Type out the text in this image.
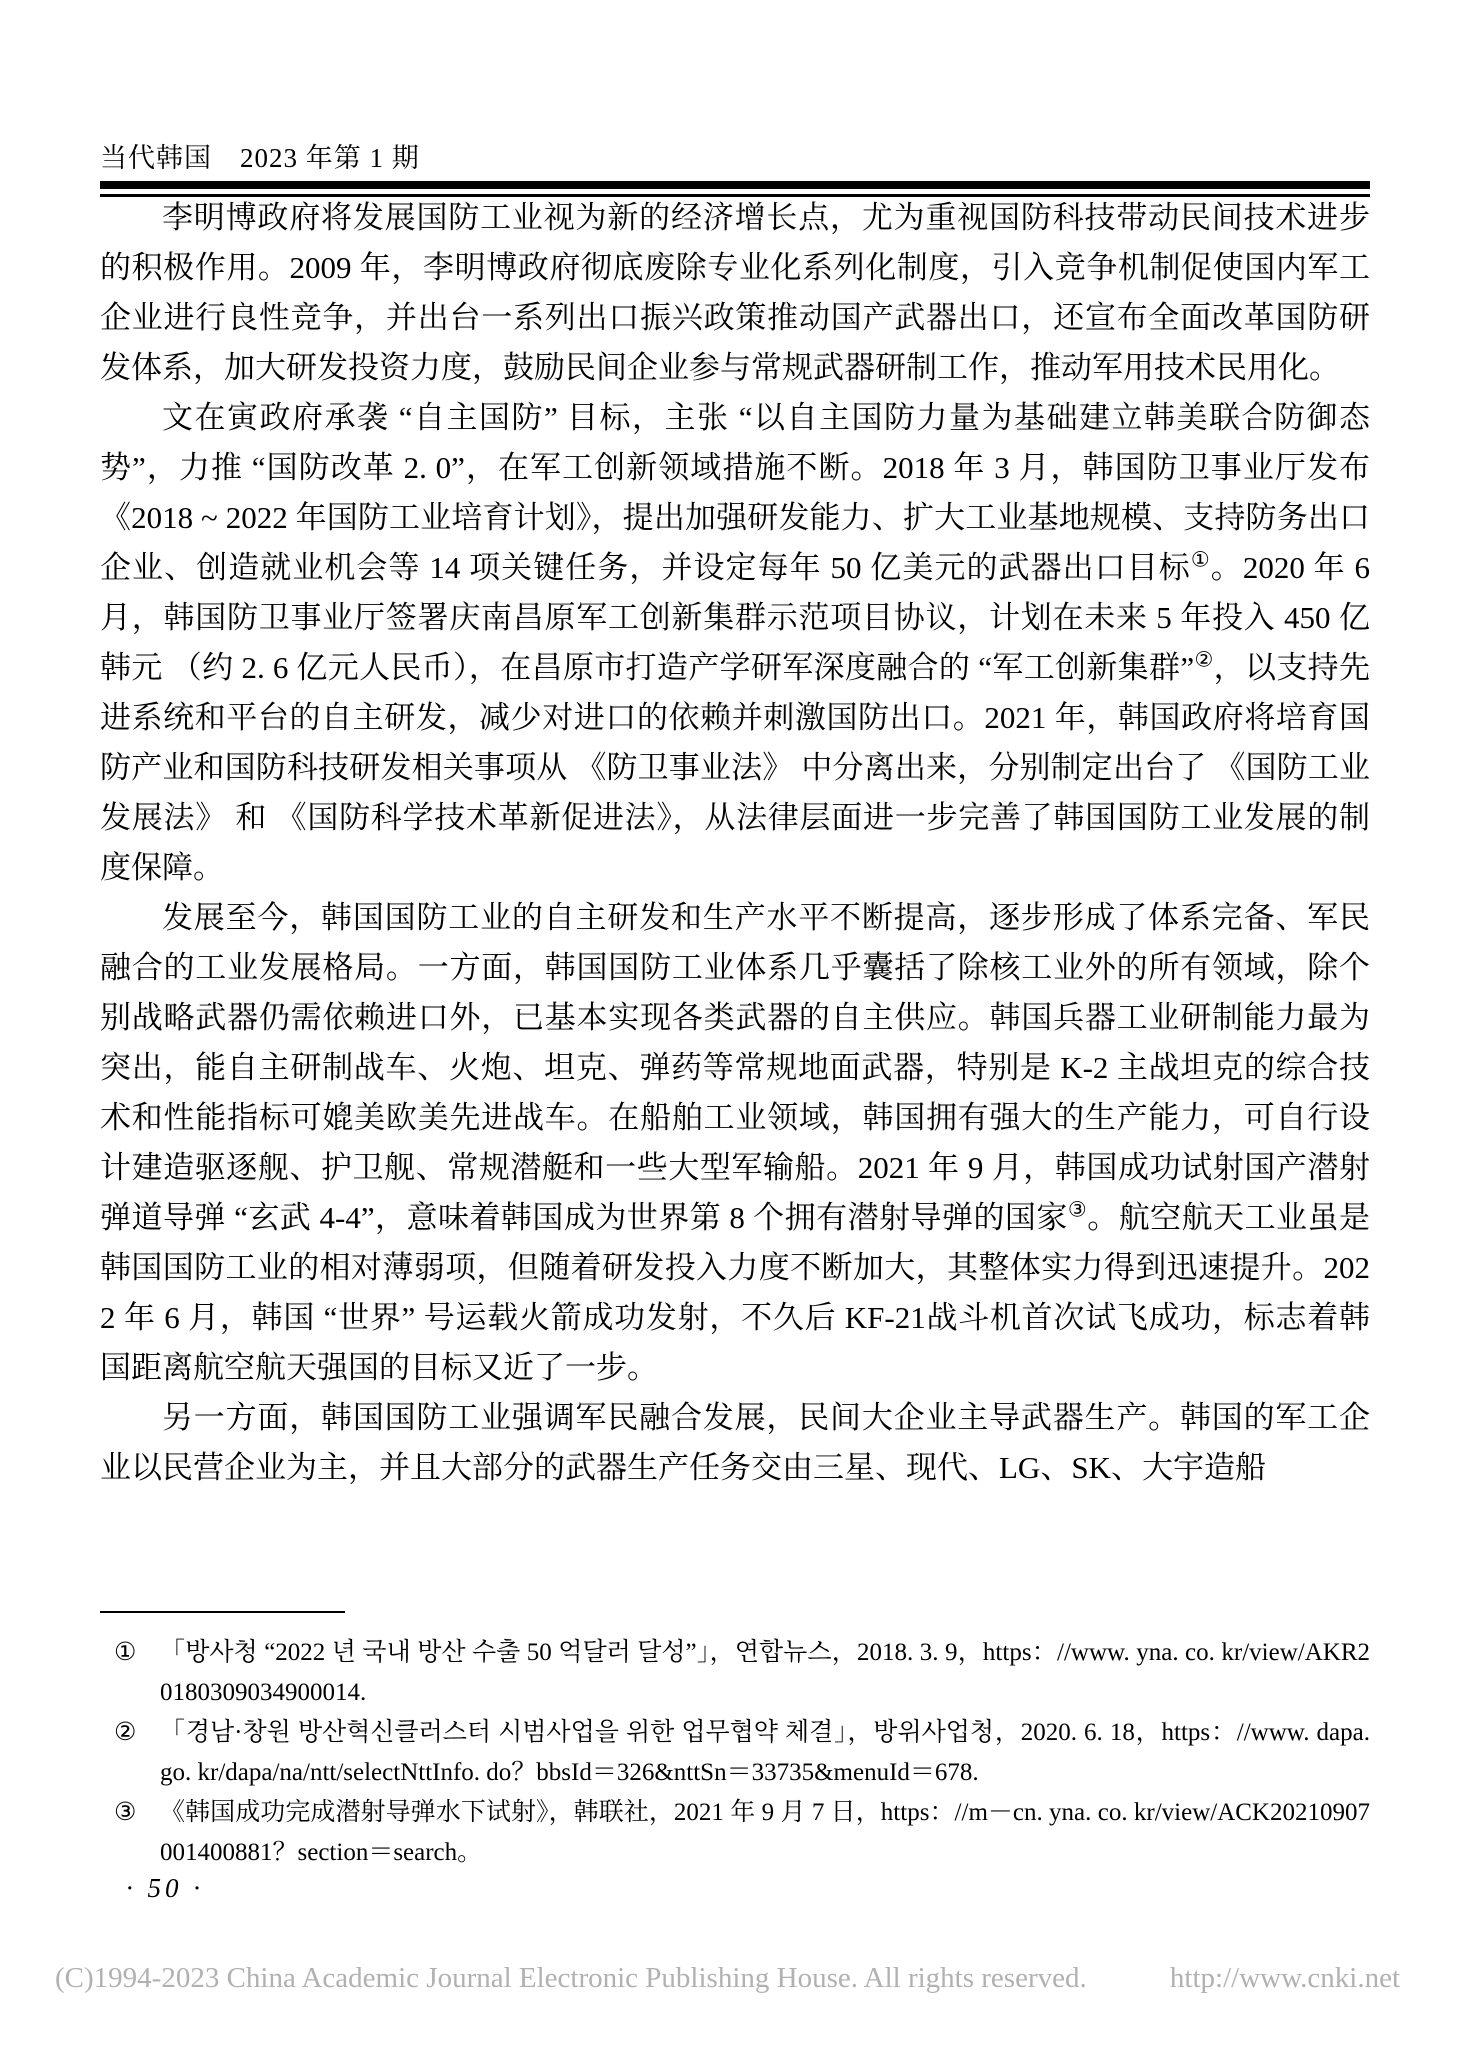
当代韩国　2023 年第 1 期

李明博政府将发展国防工业视为新的经济增长点，尤为重视国防科技带动民间技术进步的积极作用。2009 年，李明博政府彻底废除专业化系列化制度，引入竞争机制促使国内军工企业进行良性竞争，并出台一系列出口振兴政策推动国产武器出口，还宣布全面改革国防研发体系，加大研发投资力度，鼓励民间企业参与常规武器研制工作，推动军用技术民用化。

文在寅政府承袭 “自主国防” 目标，主张 “以自主国防力量为基础建立韩美联合防御态势”，力推 “国防改革 2. 0”，在军工创新领域措施不断。2018 年 3 月，韩国防卫事业厅发布 《2018 ~ 2022 年国防工业培育计划》，提出加强研发能力、扩大工业基地规模、支持防务出口企业、创造就业机会等 14 项关键任务，并设定每年 50 亿美元的武器出口目标①。2020 年 6 月，韩国防卫事业厅签署庆南昌原军工创新集群示范项目协议，计划在未来 5 年投入 450 亿韩元 （约 2. 6 亿元人民币），在昌原市打造产学研军深度融合的 “军工创新集群”②，以支持先进系统和平台的自主研发，减少对进口的依赖并刺激国防出口。2021 年，韩国政府将培育国防产业和国防科技研发相关事项从 《防卫事业法》 中分离出来，分别制定出台了 《国防工业发展法》 和 《国防科学技术革新促进法》，从法律层面进一步完善了韩国国防工业发展的制度保障。

发展至今，韩国国防工业的自主研发和生产水平不断提高，逐步形成了体系完备、军民融合的工业发展格局。一方面，韩国国防工业体系几乎囊括了除核工业外的所有领域，除个别战略武器仍需依赖进口外，已基本实现各类武器的自主供应。韩国兵器工业研制能力最为突出，能自主研制战车、火炮、坦克、弹药等常规地面武器，特别是 K-2 主战坦克的综合技术和性能指标可媲美欧美先进战车。在船舶工业领域，韩国拥有强大的生产能力，可自行设计建造驱逐舰、护卫舰、常规潜艇和一些大型军输船。2021 年 9 月，韩国成功试射国产潜射弹道导弹 “玄武 4-4”，意味着韩国成为世界第 8 个拥有潜射导弹的国家③。航空航天工业虽是韩国国防工业的相对薄弱项，但随着研发投入力度不断加大，其整体实力得到迅速提升。2022 年 6 月，韩国 “世界” 号运载火箭成功发射，不久后 KF-21战斗机首次试飞成功，标志着韩国距离航空航天强国的目标又近了一步。

另一方面，韩国国防工业强调军民融合发展，民间大企业主导武器生产。韩国的军工企业以民营企业为主，并且大部分的武器生产任务交由三星、现代、LG、SK、大宇造船

① 「방사청 “2022 년 국내 방산 수출 50 억달러 달성”」，연합뉴스，2018. 3. 9，https：//www. yna. co. kr/view/AKR20180309034900014.
② 「경남·창원 방산혁신클러스터 시범사업을 위한 업무협약 체결」，방위사업청，2020. 6. 18，https：//www. dapa. go. kr/dapa/na/ntt/selectNttInfo. do？bbsId＝326&nttSn＝33735&menuId＝678.
③ 《韩国成功完成潜射导弹水下试射》，韩联社，2021 年 9 月 7 日，https：//m－cn. yna. co. kr/view/ACK20210907001400881？section＝search。
· 50 ·
(C)1994-2023 China Academic Journal Electronic Publishing House. All rights reserved.	http://www.cnki.net
